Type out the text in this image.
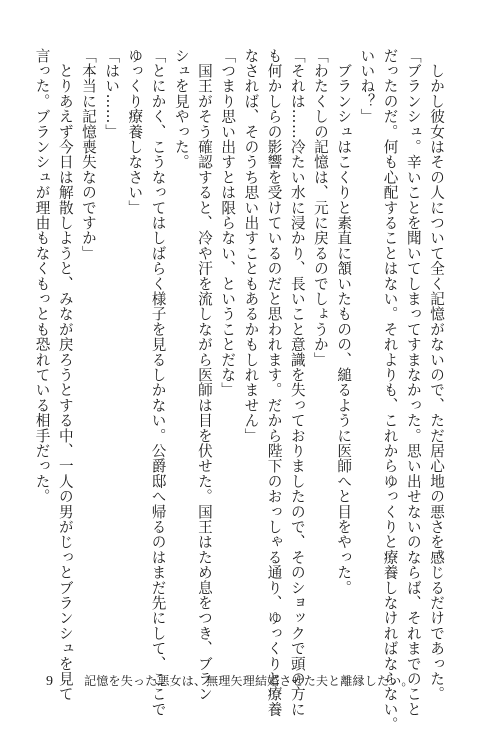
　しかし彼女はその人について全く記憶がないので、ただ居心地の悪さを感じるだけであった。
「ブランシュ。辛いことを聞いてしまってすまなかった。思い出せないのならば、それまでのこと
だったのだ。何も心配することはない。それよりも、これからゆっくりと療養しなければならない。
いいね？」
　ブランシュはこくりと素直に頷いたものの、縋るように医師へと目をやった。
「わたくしの記憶は、元に戻るのでしょうか」
「それは……冷たい水に浸かり、長いこと意識を失っておりましたので、そのショックで頭の方に
も何かしらの影響を受けているのだと思われます。だから陛下のおっしゃる通り、ゆっくりと療養
なされば、そのうち思い出すこともあるかもしれません」
「つまり思い出すとは限らない、ということだな」
　国王がそう確認すると、冷や汗を流しながら医師は目を伏せた。国王はため息をつき、ブラン
シュを見やった。
「とにかく、こうなってはしばらく様子を見るしかない。公爵邸へ帰るのはまだ先にして、ここで
ゆっくり療養しなさい」
「はい……」
「本当に記憶喪失なのですか」
　とりあえず今日は解散しようと、みなが戻ろうとする中、一人の男がじっとブランシュを見て
言った。ブランシュが理由もなくもっとも恐れている相手だった。
9	記憶を失った悪女は、無理矢理結婚させた夫と離縁したい。
